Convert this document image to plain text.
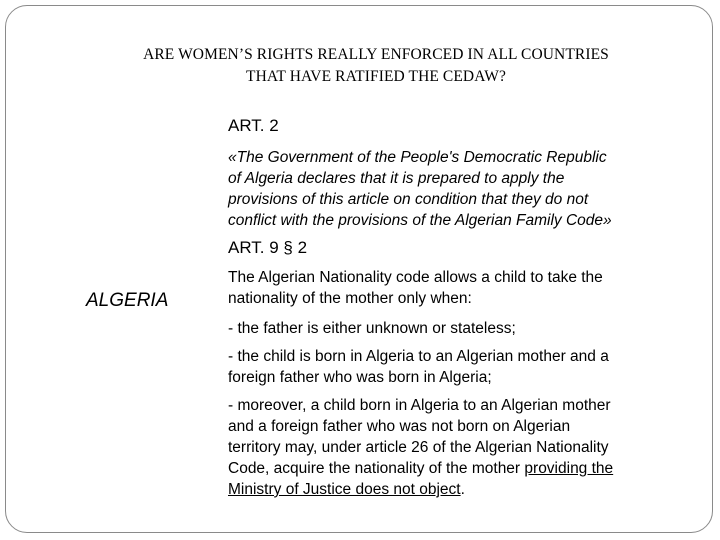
ARE WOMEN’S RIGHTS REALLY ENFORCED IN ALL COUNTRIES
THAT HAVE RATIFIED THE CEDAW?
ALGERIA
ART. 2
«The Government of the People's Democratic Republic
of Algeria declares that it is prepared to apply the
provisions of this article on condition that they do not
conflict with the provisions of the Algerian Family Code»
ART. 9 § 2
The Algerian Nationality code allows a child to take the
nationality of the mother only when:
- the father is either unknown or stateless;
- the child is born in Algeria to an Algerian mother and a
foreign father who was born in Algeria;
- moreover, a child born in Algeria to an Algerian mother
and a foreign father who was not born on Algerian
territory may, under article 26 of the Algerian Nationality
Code, acquire the nationality of the mother providing the
Ministry of Justice does not object.
